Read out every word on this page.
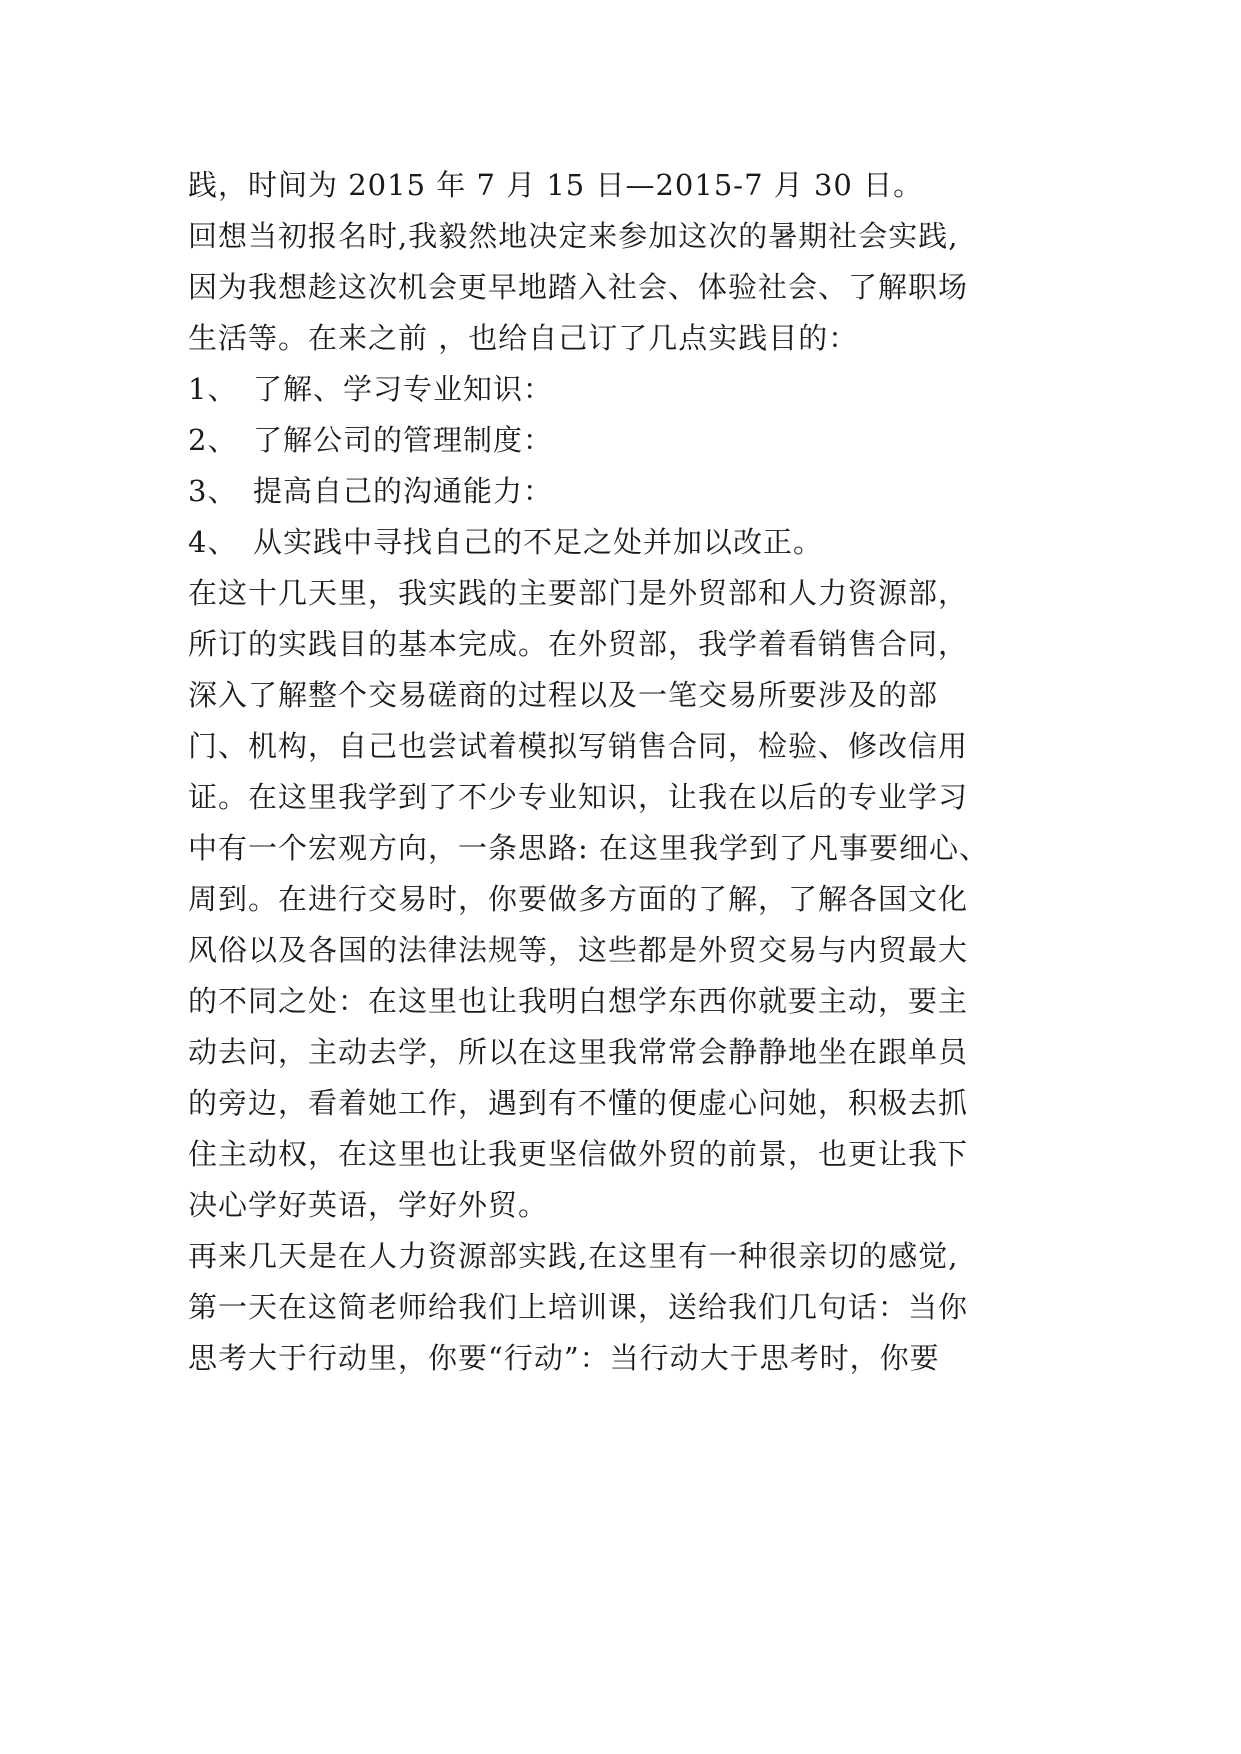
践，时间为 2015 年 7 月 15 日—2015-7 月 30 日。
回想当初报名时,我毅然地决定来参加这次的暑期社会实践,
因为我想趁这次机会更早地踏入社会、体验社会、了解职场
生活等。在来之前 ，也给自己订了几点实践目的：
1、　了解、学习专业知识：
2、　了解公司的管理制度：
3、　提高自己的沟通能力：
4、　从实践中寻找自己的不足之处并加以改正。
在这十几天里，我实践的主要部门是外贸部和人力资源部，
所订的实践目的基本完成。在外贸部，我学着看销售合同，
深入了解整个交易磋商的过程以及一笔交易所要涉及的部
门、机构，自己也尝试着模拟写销售合同，检验、修改信用
证。在这里我学到了不少专业知识，让我在以后的专业学习
中有一个宏观方向，一条思路: 在这里我学到了凡事要细心、
周到。在进行交易时，你要做多方面的了解，了解各国文化
风俗以及各国的法律法规等，这些都是外贸交易与内贸最大
的不同之处：在这里也让我明白想学东西你就要主动，要主
动去问，主动去学，所以在这里我常常会静静地坐在跟单员
的旁边，看着她工作，遇到有不懂的便虚心问她，积极去抓
住主动权，在这里也让我更坚信做外贸的前景，也更让我下
决心学好英语，学好外贸。
再来几天是在人力资源部实践,在这里有一种很亲切的感觉,
第一天在这简老师给我们上培训课，送给我们几句话：当你
思考大于行动里，你要“行动”：当行动大于思考时，你要
